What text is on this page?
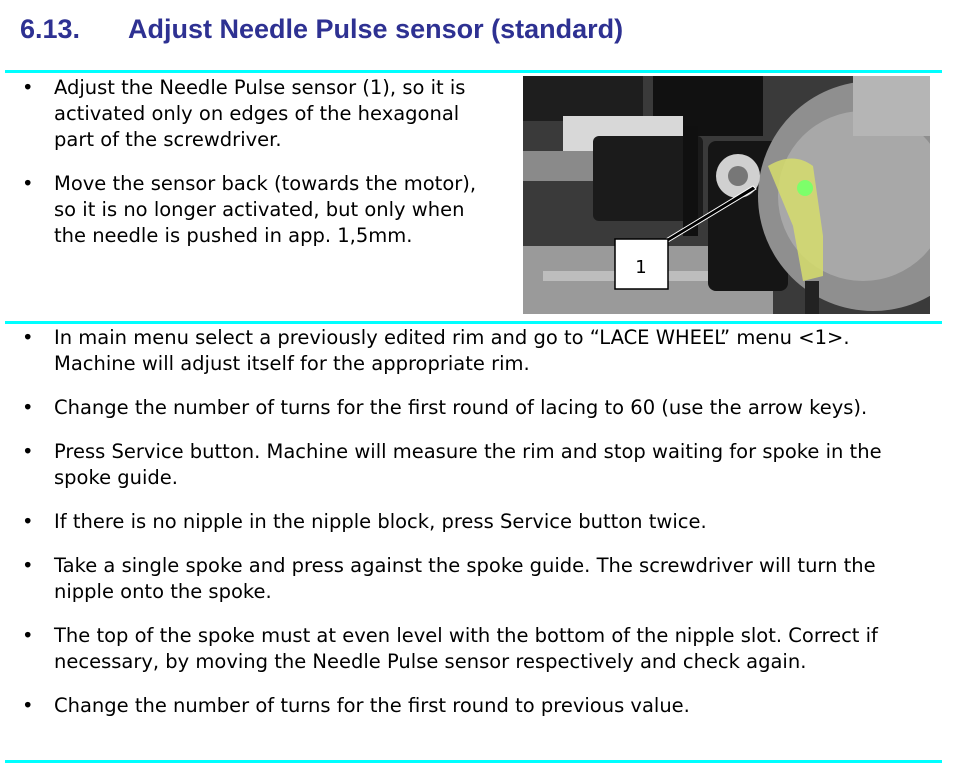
6.13. Adjust Needle Pulse sensor (standard)
• Adjust the Needle Pulse sensor (1), so it is activated only on edges of the hexagonal part of the screwdriver.
• Move the sensor back (towards the motor), so it is no longer activated, but only when the needle is pushed in app. 1,5mm.
1
• In main menu select a previously edited rim and go to “LACE WHEEL” menu <1>. Machine will adjust itself for the appropriate rim.
• Change the number of turns for the first round of lacing to 60 (use the arrow keys).
• Press Service button. Machine will measure the rim and stop waiting for spoke in the spoke guide.
• If there is no nipple in the nipple block, press Service button twice.
• Take a single spoke and press against the spoke guide. The screwdriver will turn the nipple onto the spoke.
• The top of the spoke must at even level with the bottom of the nipple slot. Correct if necessary, by moving the Needle Pulse sensor respectively and check again.
• Change the number of turns for the first round to previous value.
